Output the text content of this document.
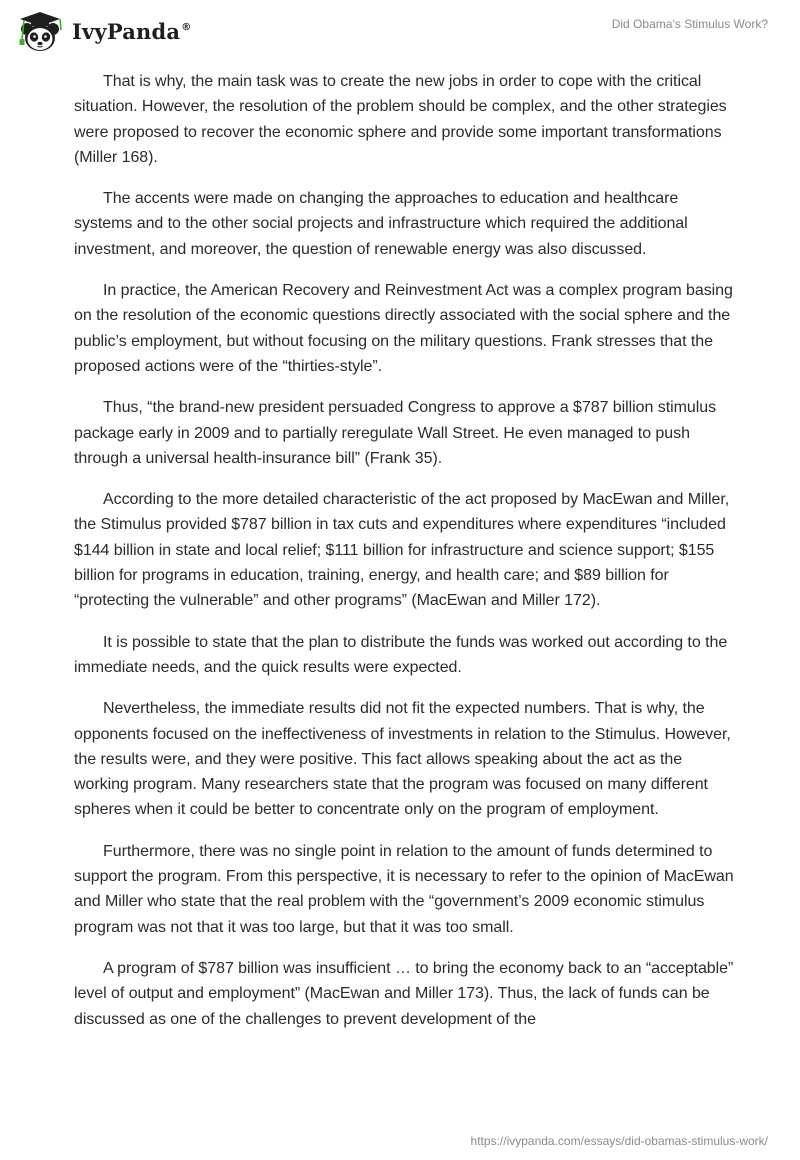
IvyPanda®	Did Obama’s Stimulus Work?

That is why, the main task was to create the new jobs in order to cope with the critical situation. However, the resolution of the problem should be complex, and the other strategies were proposed to recover the economic sphere and provide some important transformations (Miller 168).

The accents were made on changing the approaches to education and healthcare systems and to the other social projects and infrastructure which required the additional investment, and moreover, the question of renewable energy was also discussed.

In practice, the American Recovery and Reinvestment Act was a complex program basing on the resolution of the economic questions directly associated with the social sphere and the public’s employment, but without focusing on the military questions. Frank stresses that the proposed actions were of the “thirties-style”.

Thus, “the brand-new president persuaded Congress to approve a $787 billion stimulus package early in 2009 and to partially reregulate Wall Street. He even managed to push through a universal health-insurance bill” (Frank 35).

According to the more detailed characteristic of the act proposed by MacEwan and Miller, the Stimulus provided $787 billion in tax cuts and expenditures where expenditures “included $144 billion in state and local relief; $111 billion for infrastructure and science support; $155 billion for programs in education, training, energy, and health care; and $89 billion for “protecting the vulnerable” and other programs” (MacEwan and Miller 172).

It is possible to state that the plan to distribute the funds was worked out according to the immediate needs, and the quick results were expected.

Nevertheless, the immediate results did not fit the expected numbers. That is why, the opponents focused on the ineffectiveness of investments in relation to the Stimulus. However, the results were, and they were positive. This fact allows speaking about the act as the working program. Many researchers state that the program was focused on many different spheres when it could be better to concentrate only on the program of employment.

Furthermore, there was no single point in relation to the amount of funds determined to support the program. From this perspective, it is necessary to refer to the opinion of MacEwan and Miller who state that the real problem with the “government’s 2009 economic stimulus program was not that it was too large, but that it was too small.

A program of $787 billion was insufficient … to bring the economy back to an “acceptable” level of output and employment” (MacEwan and Miller 173). Thus, the lack of funds can be discussed as one of the challenges to prevent development of the

https://ivypanda.com/essays/did-obamas-stimulus-work/
